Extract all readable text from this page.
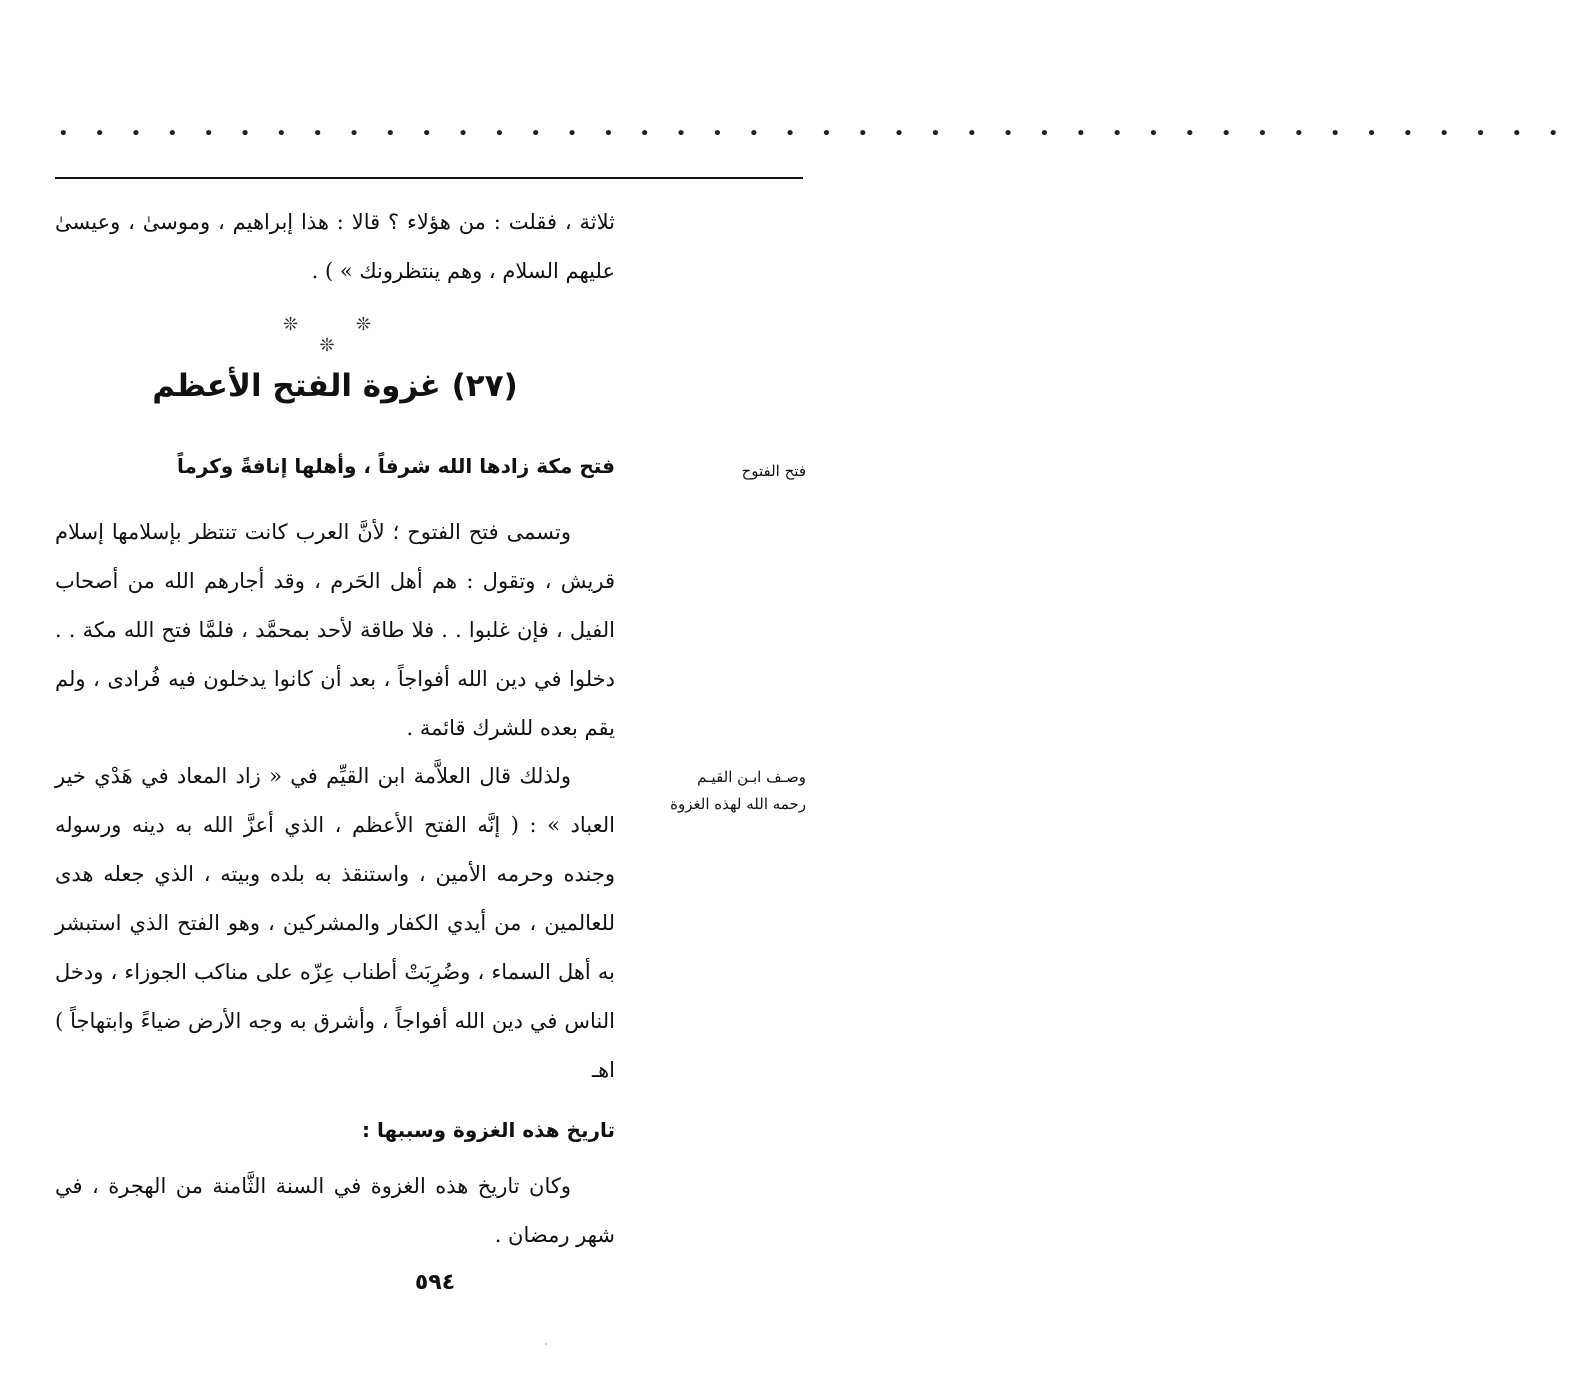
• • • • • • • • • • • • • • • • • • • • • • • • • • • • • • • • • • • • • • • • • •

ثلاثة ، فقلت : من هؤلاء ؟ قالا : هذا إبراهيم ، وموسىٰ ، وعيسىٰ عليهم السلام ، وهم ينتظرونك » ) .

❊ ❊ ❊
(٢٧) غزوة الفتح الأعظم
فتح الفتوح
فتح مكة زادها الله شرفاً ، وأهلها إنافةً وكرماً

وتسمى فتح الفتوح ؛ لأنَّ العرب كانت تنتظر بإسلامها إسلام قريش ، وتقول : هم أهل الحَرم ، وقد أجارهم الله من أصحاب الفيل ، فإن غلبوا . . فلا طاقة لأحد بمحمَّد ، فلمَّا فتح الله مكة . . دخلوا في دين الله أفواجاً ، بعد أن كانوا يدخلون فيه فُرادى ، ولم يقم بعده للشرك قائمة .

وصـف ابـن القيـم
رحمه الله لهذه الغزوة

ولذلك قال العلاَّمة ابن القيِّم في « زاد المعاد في هَدْي خير العباد » : ( إنَّه الفتح الأعظم ، الذي أعزَّ الله به دينه ورسوله وجنده وحرمه الأمين ، واستنقذ به بلده وبيته ، الذي جعله هدى للعالمين ، من أيدي الكفار والمشركين ، وهو الفتح الذي استبشر به أهل السماء ، وضُرِبَتْ أطناب عِزّه على مناكب الجوزاء ، ودخل الناس في دين الله أفواجاً ، وأشرق به وجه الأرض ضياءً وابتهاجاً ) اهـ

تاريخ هذه الغزوة وسببها :

وكان تاريخ هذه الغزوة في السنة الثَّامنة من الهجرة ، في شهر رمضان .

٥٩٤
